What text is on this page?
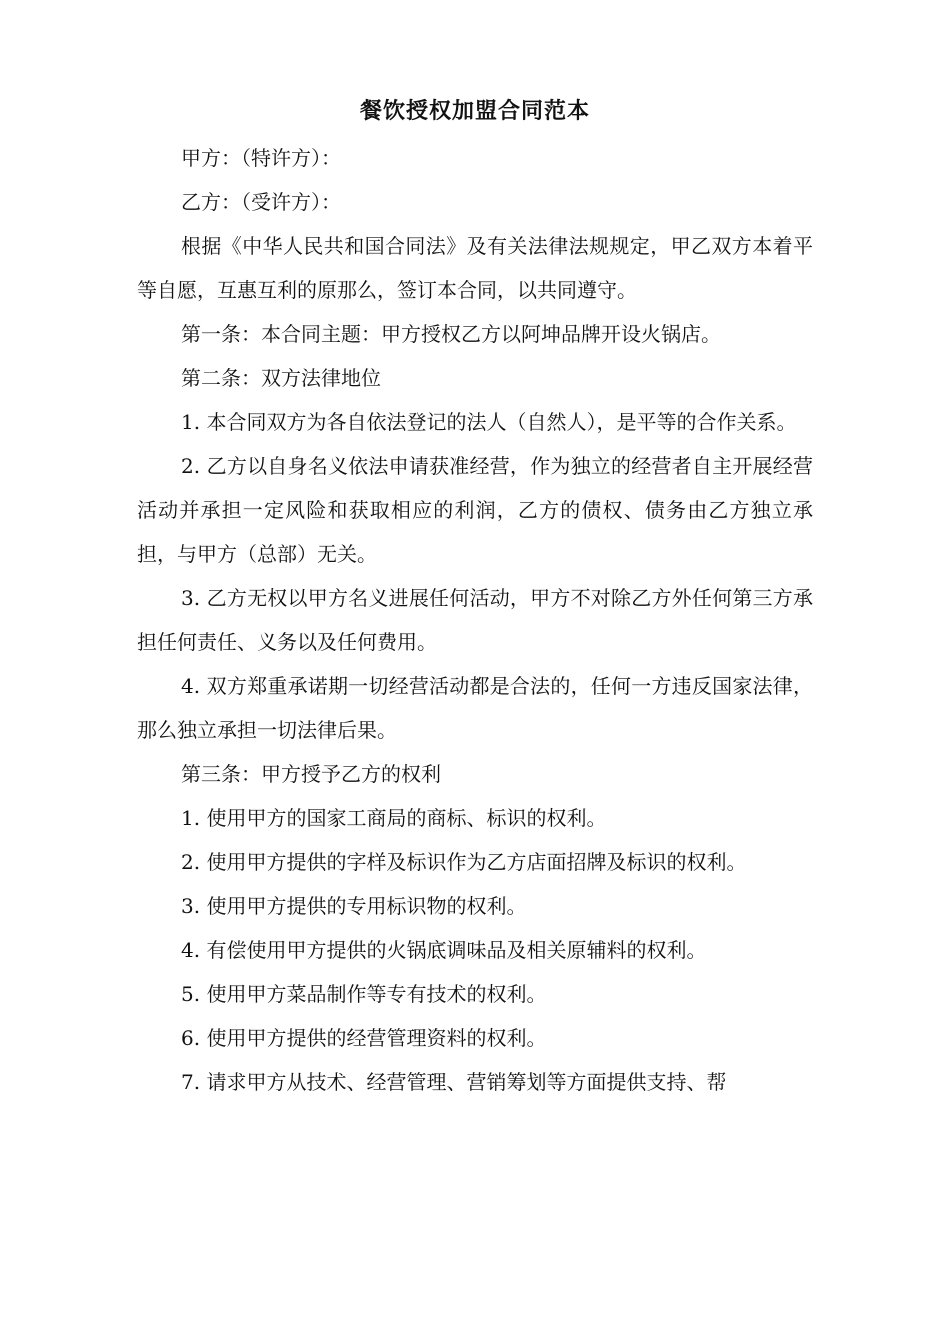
餐饮授权加盟合同范本

甲方：（特许方）：

乙方：（受许方）：

根据《中华人民共和国合同法》及有关法律法规规定，甲乙双方本着平等自愿，互惠互利的原那么，签订本合同，以共同遵守。

第一条：本合同主题：甲方授权乙方以阿坤品牌开设火锅店。

第二条：双方法律地位

1. 本合同双方为各自依法登记的法人（自然人），是平等的合作关系。

2. 乙方以自身名义依法申请获准经营，作为独立的经营者自主开展经营活动并承担一定风险和获取相应的利润，乙方的债权、债务由乙方独立承担，与甲方（总部）无关。

3. 乙方无权以甲方名义进展任何活动，甲方不对除乙方外任何第三方承担任何责任、义务以及任何费用。

4. 双方郑重承诺期一切经营活动都是合法的，任何一方违反国家法律，那么独立承担一切法律后果。

第三条：甲方授予乙方的权利

1. 使用甲方的国家工商局的商标、标识的权利。

2. 使用甲方提供的字样及标识作为乙方店面招牌及标识的权利。

3. 使用甲方提供的专用标识物的权利。

4. 有偿使用甲方提供的火锅底调味品及相关原辅料的权利。

5. 使用甲方菜品制作等专有技术的权利。

6. 使用甲方提供的经营管理资料的权利。

7. 请求甲方从技术、经营管理、营销筹划等方面提供支持、帮
